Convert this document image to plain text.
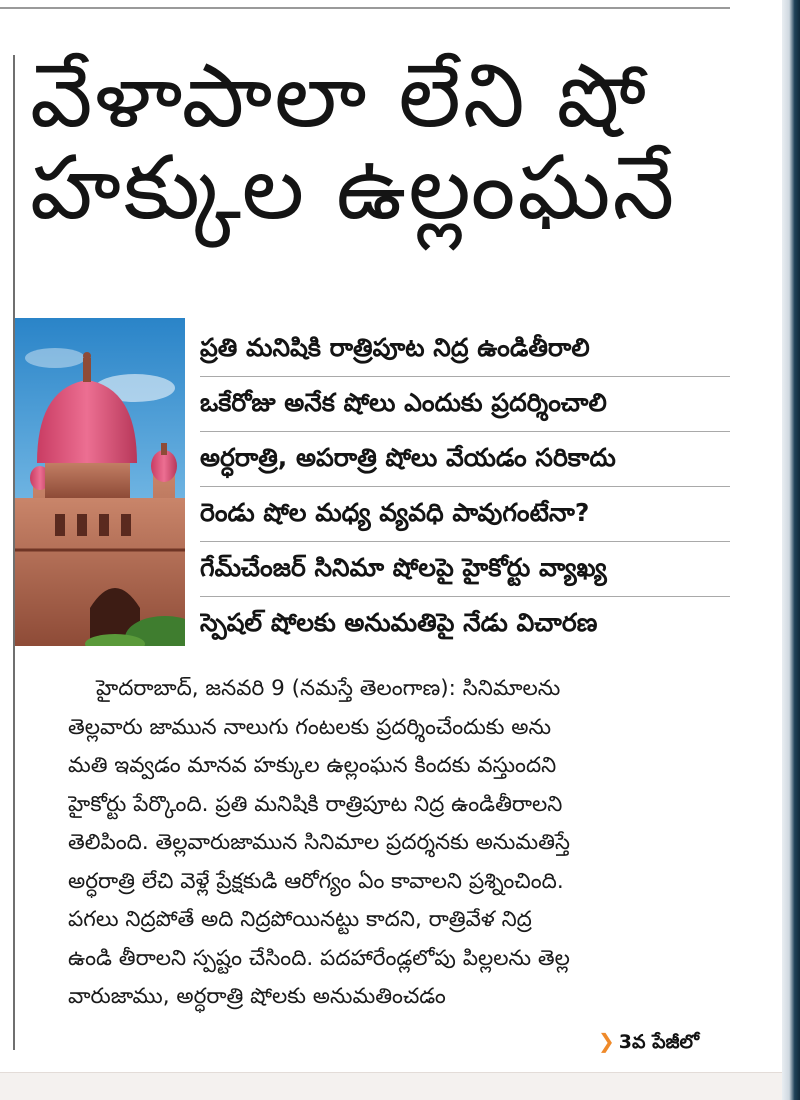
వేళాపాలా లేని షో
హక్కుల ఉల్లంఘనే
ప్రతి మనిషికి రాత్రిపూట నిద్ర ఉండితీరాలి
ఒకేరోజు అనేక షోలు ఎందుకు ప్రదర్శించాలి
అర్ధరాత్రి, అపరాత్రి షోలు వేయడం సరికాదు
రెండు షోల మధ్య వ్యవధి పావుగంటేనా?
గేమ్‌చేంజర్ సినిమా షోలపై హైకోర్టు వ్యాఖ్య
స్పెషల్ షోలకు అనుమతిపై నేడు విచారణ

హైదరాబాద్, జనవరి 9 (నమస్తే తెలంగాణ): సినిమాలను
తెల్లవారు జామున నాలుగు గంటలకు ప్రదర్శించేందుకు అను
మతి ఇవ్వడం మానవ హక్కుల ఉల్లంఘన కిందకు వస్తుందని
హైకోర్టు పేర్కొంది. ప్రతి మనిషికి రాత్రిపూట నిద్ర ఉండితీరాలని
తెలిపింది. తెల్లవారుజామున సినిమాల ప్రదర్శనకు అనుమతిస్తే
అర్ధరాత్రి లేచి వెళ్లే ప్రేక్షకుడి ఆరోగ్యం ఏం కావాలని ప్రశ్నించింది.
పగలు నిద్రపోతే అది నిద్రపోయినట్టు కాదని, రాత్రివేళ నిద్ర
ఉండి తీరాలని స్పష్టం చేసింది. పదహారేండ్లలోపు పిల్లలను తెల్ల
వారుజాము, అర్ధరాత్రి షోలకు అనుమతించడం

❯ 3వ పేజీలో
